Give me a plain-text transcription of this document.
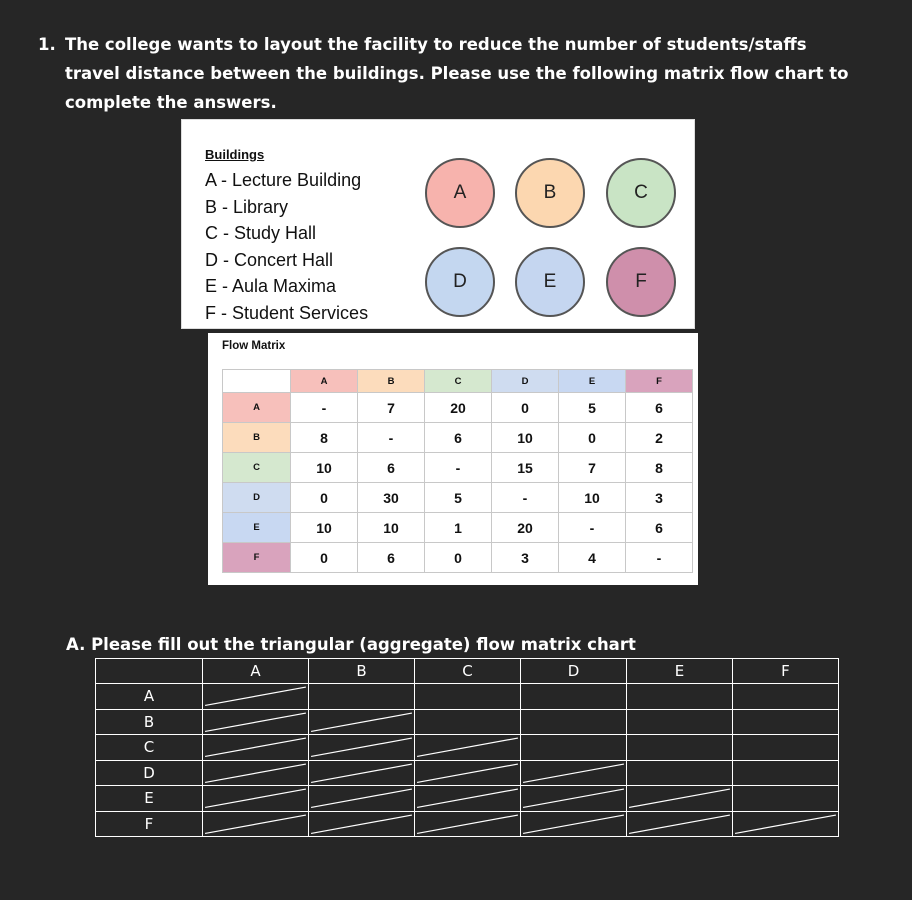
1. The college wants to layout the facility to reduce the number of students/staffs travel distance between the buildings. Please use the following matrix flow chart to complete the answers.
Buildings
A - Lecture Building
B - Library
C - Study Hall
D - Concert Hall
E - Aula Maxima
F - Student Services
A	B	C
D	E	F
Flow Matrix
	A	B	C	D	E	F
A	-	7	20	0	5	6
B	8	-	6	10	0	2
C	10	6	-	15	7	8
D	0	30	5	-	10	3
E	10	10	1	20	-	6
F	0	6	0	3	4	-

A. Please fill out the triangular (aggregate) flow matrix chart

	A	B	C	D	E	F
A	

B	

C	

D	

E	

F	
